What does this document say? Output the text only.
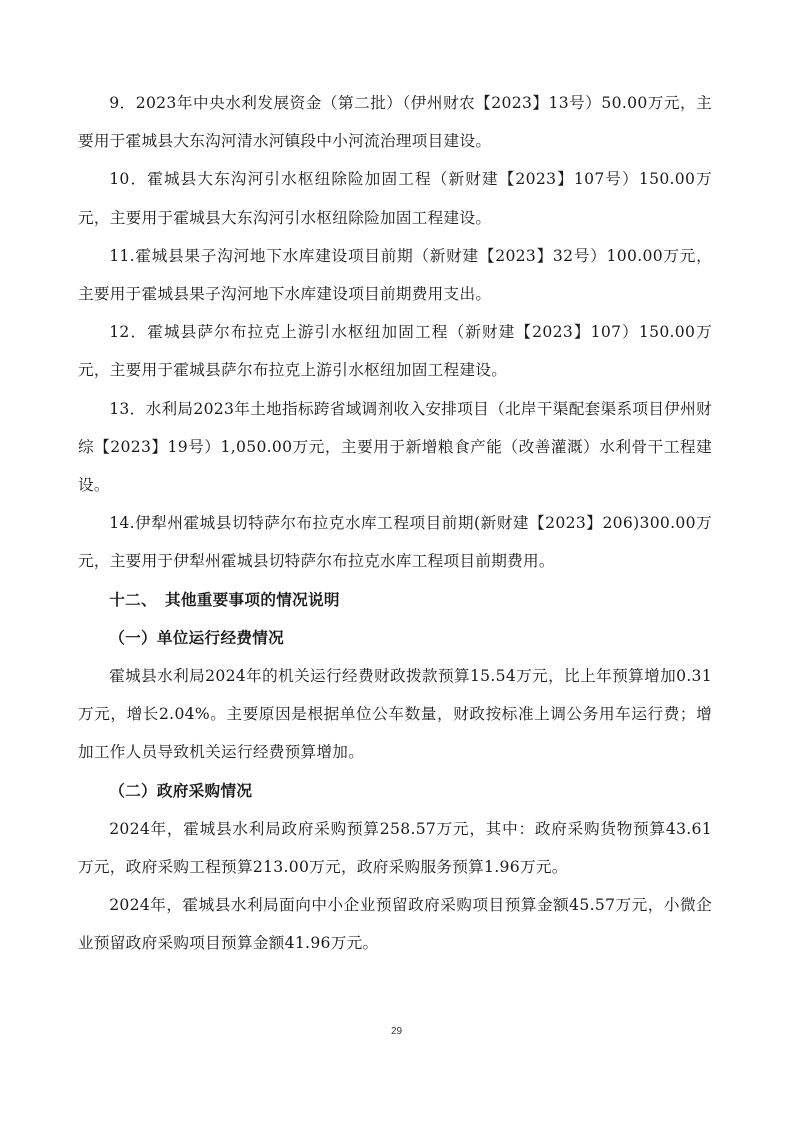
9．2023年中央水利发展资金（第二批）（伊州财农【2023】13号）50.00万元，主要用于霍城县大东沟河清水河镇段中小河流治理项目建设。

10．霍城县大东沟河引水枢纽除险加固工程（新财建【2023】107号）150.00万元，主要用于霍城县大东沟河引水枢纽除险加固工程建设。

11.霍城县果子沟河地下水库建设项目前期（新财建【2023】32号）100.00万元，主要用于霍城县果子沟河地下水库建设项目前期费用支出。

12．霍城县萨尔布拉克上游引水枢纽加固工程（新财建【2023】107）150.00万元，主要用于霍城县萨尔布拉克上游引水枢纽加固工程建设。

13．水利局2023年土地指标跨省域调剂收入安排项目（北岸干渠配套渠系项目伊州财综【2023】19号）1,050.00万元，主要用于新增粮食产能（改善灌溉）水利骨干工程建设。

14.伊犁州霍城县切特萨尔布拉克水库工程项目前期(新财建【2023】206)300.00万元，主要用于伊犁州霍城县切特萨尔布拉克水库工程项目前期费用。

十二、　其他重要事项的情况说明

（一）单位运行经费情况

霍城县水利局2024年的机关运行经费财政拨款预算15.54万元，比上年预算增加0.31万元，增长2.04%。主要原因是根据单位公车数量，财政按标准上调公务用车运行费；增加工作人员导致机关运行经费预算增加。

（二）政府采购情况

2024年，霍城县水利局政府采购预算258.57万元，其中：政府采购货物预算43.61万元，政府采购工程预算213.00万元，政府采购服务预算1.96万元。

2024年，霍城县水利局面向中小企业预留政府采购项目预算金额45.57万元，小微企业预留政府采购项目预算金额41.96万元。

29
